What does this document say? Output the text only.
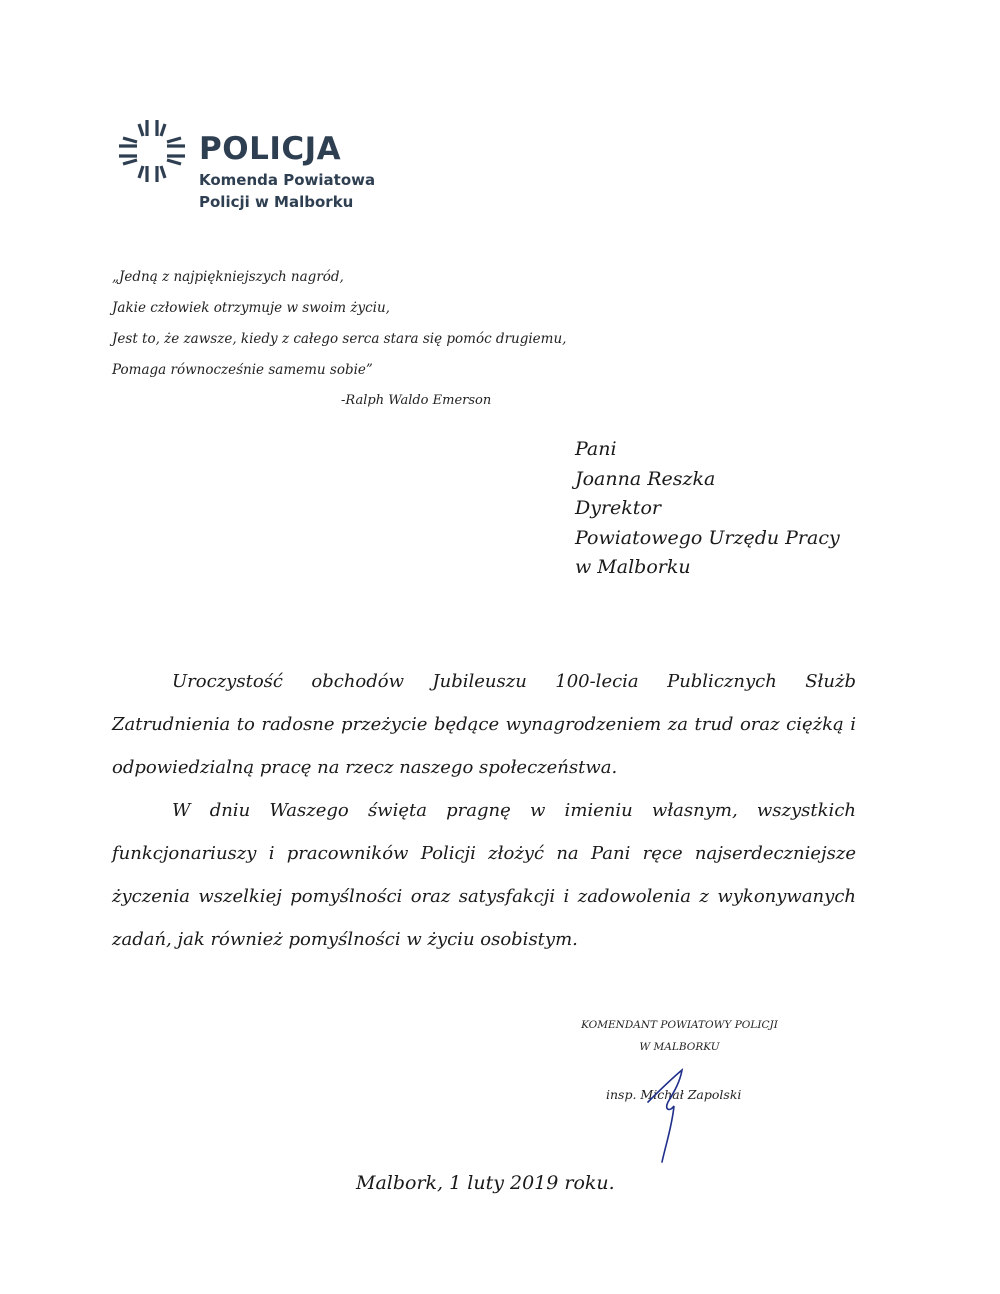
POLICJA
Komenda Powiatowa
Policji w Malborku
„Jedną z najpiękniejszych nagród,
Jakie człowiek otrzymuje w swoim życiu,
Jest to, że zawsze, kiedy z całego serca stara się pomóc drugiemu,
Pomaga równocześnie samemu sobie”
-Ralph Waldo Emerson
Pani
Joanna Reszka
Dyrektor
Powiatowego Urzędu Pracy
w Malborku

Uroczystość obchodów Jubileuszu 100-lecia Publicznych Służb Zatrudnienia to radosne przeżycie będące wynagrodzeniem za trud oraz ciężką i odpowiedzialną pracę na rzecz naszego społeczeństwa.

W dniu Waszego święta pragnę w imieniu własnym, wszystkich funkcjonariuszy i pracowników Policji złożyć na Pani ręce najserdeczniejsze życzenia wszelkiej pomyślności oraz satysfakcji i zadowolenia z wykonywanych zadań, jak również pomyślności w życiu osobistym.

KOMENDANT POWIATOWY POLICJI
W MALBORKU
insp. Michał Zapolski
Malbork, 1 luty 2019 roku.
